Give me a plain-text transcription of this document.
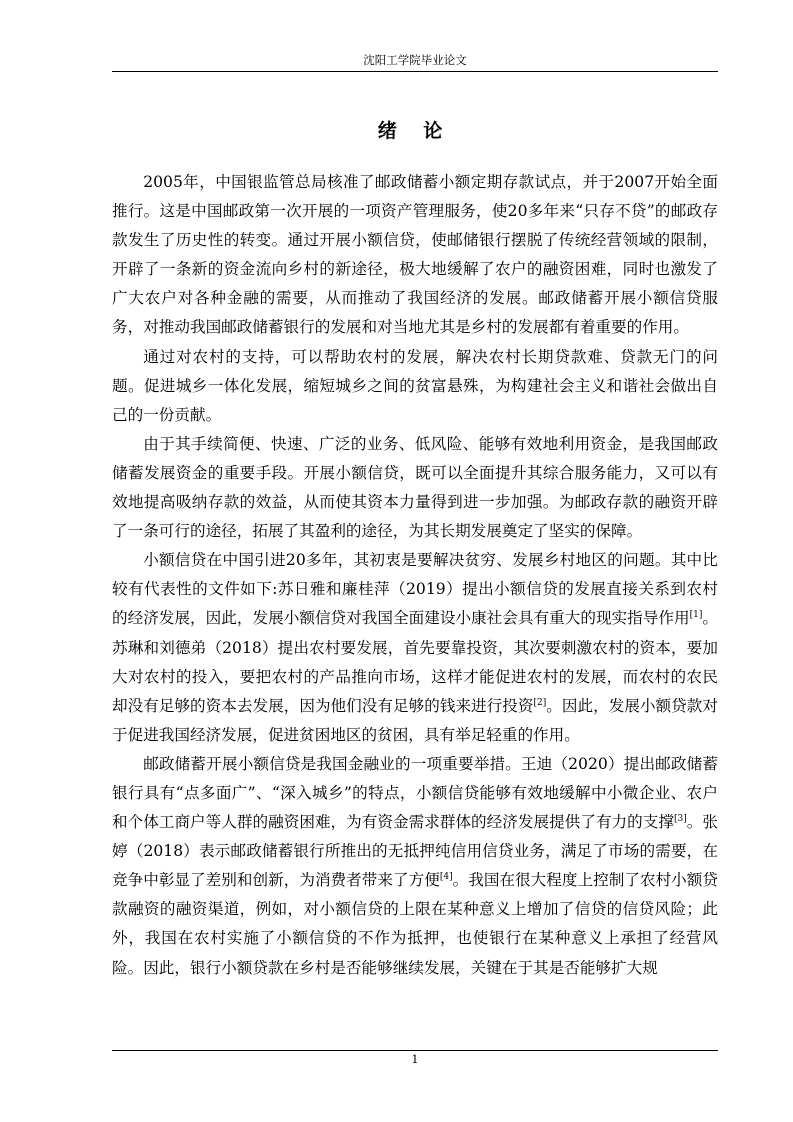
沈阳工学院毕业论文
绪 论

2005年，中国银监管总局核准了邮政储蓄小额定期存款试点，并于2007开始全面推行。这是中国邮政第一次开展的一项资产管理服务，使20多年来“只存不贷”的邮政存款发生了历史性的转变。通过开展小额信贷，使邮储银行摆脱了传统经营领域的限制，开辟了一条新的资金流向乡村的新途径，极大地缓解了农户的融资困难，同时也激发了广大农户对各种金融的需要，从而推动了我国经济的发展。邮政储蓄开展小额信贷服务，对推动我国邮政储蓄银行的发展和对当地尤其是乡村的发展都有着重要的作用。

通过对农村的支持，可以帮助农村的发展，解决农村长期贷款难、贷款无门的问题。促进城乡一体化发展，缩短城乡之间的贫富悬殊，为构建社会主义和谐社会做出自己的一份贡献。

由于其手续简便、快速、广泛的业务、低风险、能够有效地利用资金，是我国邮政储蓄发展资金的重要手段。开展小额信贷，既可以全面提升其综合服务能力，又可以有效地提高吸纳存款的效益，从而使其资本力量得到进一步加强。为邮政存款的融资开辟了一条可行的途径，拓展了其盈利的途径，为其长期发展奠定了坚实的保障。

小额信贷在中国引进20多年，其初衷是要解决贫穷、发展乡村地区的问题。其中比较有代表性的文件如下:苏日雅和廉桂萍（2019）提出小额信贷的发展直接关系到农村的经济发展，因此，发展小额信贷对我国全面建设小康社会具有重大的现实指导作用[1]。苏琳和刘德弟（2018）提出农村要发展，首先要靠投资，其次要刺激农村的资本，要加大对农村的投入，要把农村的产品推向市场，这样才能促进农村的发展，而农村的农民却没有足够的资本去发展，因为他们没有足够的钱来进行投资[2]。因此，发展小额贷款对于促进我国经济发展，促进贫困地区的贫困，具有举足轻重的作用。

邮政储蓄开展小额信贷是我国金融业的一项重要举措。王迪（2020）提出邮政储蓄银行具有“点多面广”、“深入城乡”的特点，小额信贷能够有效地缓解中小微企业、农户和个体工商户等人群的融资困难，为有资金需求群体的经济发展提供了有力的支撑[3]。张婷（2018）表示邮政储蓄银行所推出的无抵押纯信用信贷业务，满足了市场的需要，在竞争中彰显了差别和创新，为消费者带来了方便[4]。我国在很大程度上控制了农村小额贷款融资的融资渠道，例如，对小额信贷的上限在某种意义上增加了信贷的信贷风险；此外，我国在农村实施了小额信贷的不作为抵押，也使银行在某种意义上承担了经营风险。因此，银行小额贷款在乡村是否能够继续发展，关键在于其是否能够扩大规

1
